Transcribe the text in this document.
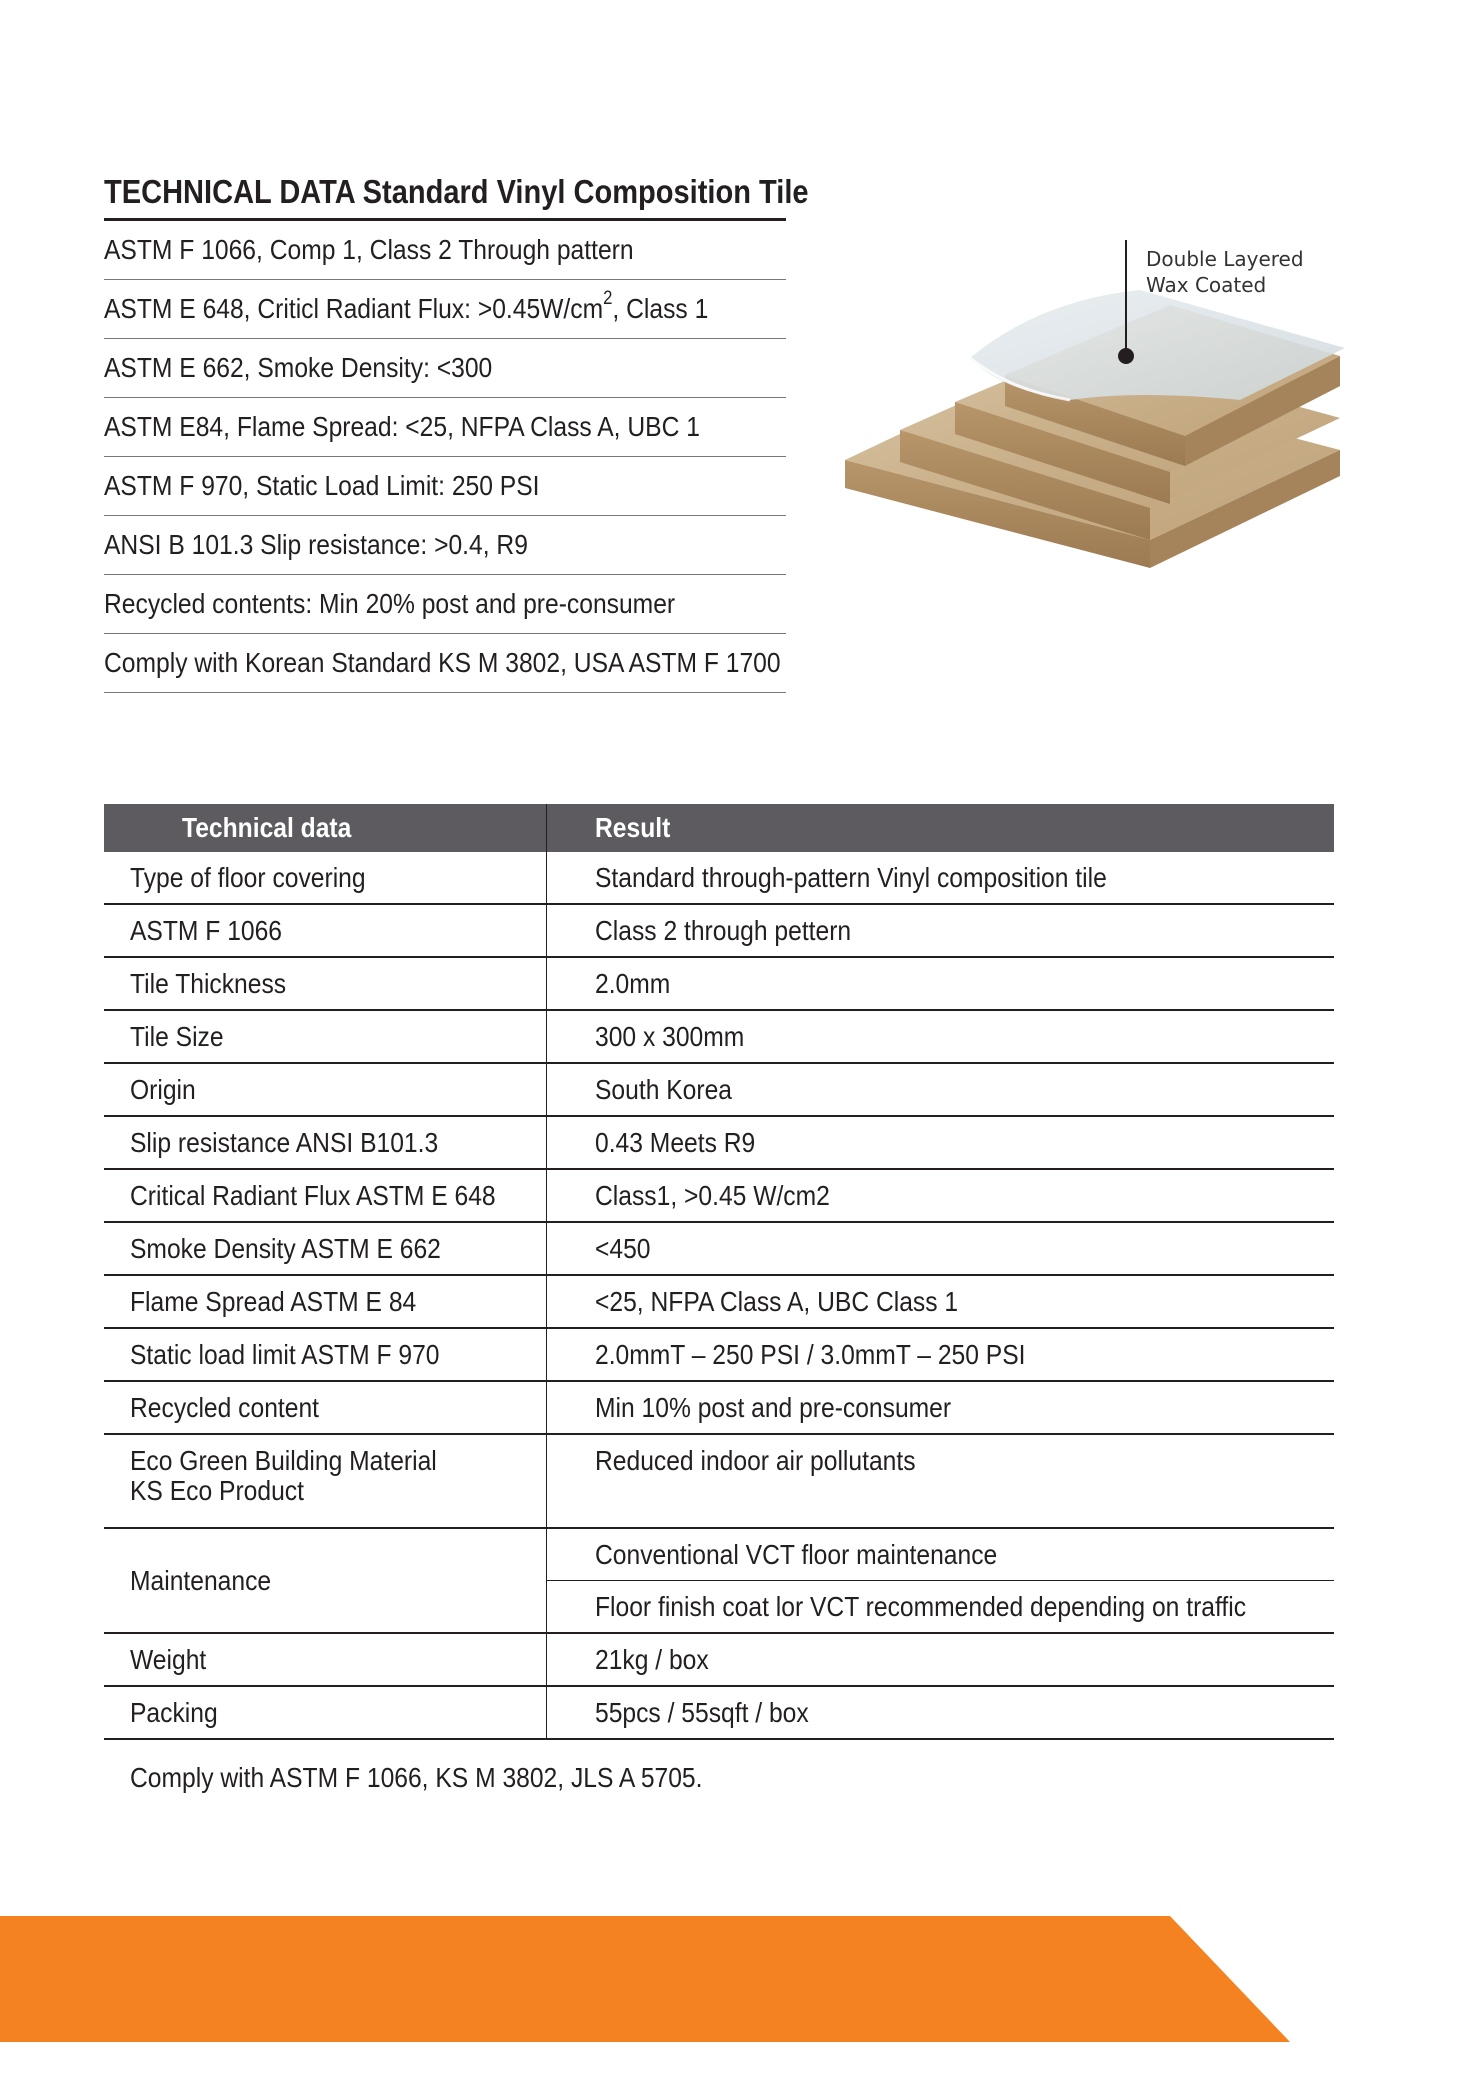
TECHNICAL DATA Standard Vinyl Composition Tile
ASTM F 1066, Comp 1, Class 2 Through pattern
ASTM E 648, Criticl Radiant Flux: $>0.45W/cm^2$, Class 1
ASTM E 662, Smoke Density: <300
ASTM E84, Flame Spread: <25, NFPA Class A, UBC 1
ASTM F 970, Static Load Limit: 250 PSI
ANSI B 101.3 Slip resistance: >0.4, R9
Recycled contents: Min 20% post and pre-consumer
Comply with Korean Standard KS M 3802, USA ASTM F 1700
Double Layered
Wax Coated
Technical data	Result
Type of floor covering	Standard through-pattern Vinyl composition tile
ASTM F 1066	Class 2 through pettern
Tile Thickness	2.0mm
Tile Size	300 x 300mm
Origin	South Korea
Slip resistance ANSI B101.3	0.43 Meets R9
Critical Radiant Flux ASTM E 648	Class1, >0.45 W/cm2
Smoke Density ASTM E 662	<450
Flame Spread ASTM E 84	<25, NFPA Class A, UBC Class 1
Static load limit ASTM F 970	2.0mmT – 250 PSI / 3.0mmT – 250 PSI
Recycled content	Min 10% post and pre-consumer
Eco Green Building Material
KS Eco Product	Reduced indoor air pollutants
Maintenance	Conventional VCT floor maintenance
	Floor finish coat lor VCT recommended depending on traffic
Weight	21kg / box
Packing	55pcs / 55sqft / box
Comply with ASTM F 1066, KS M 3802, JLS A 5705.
